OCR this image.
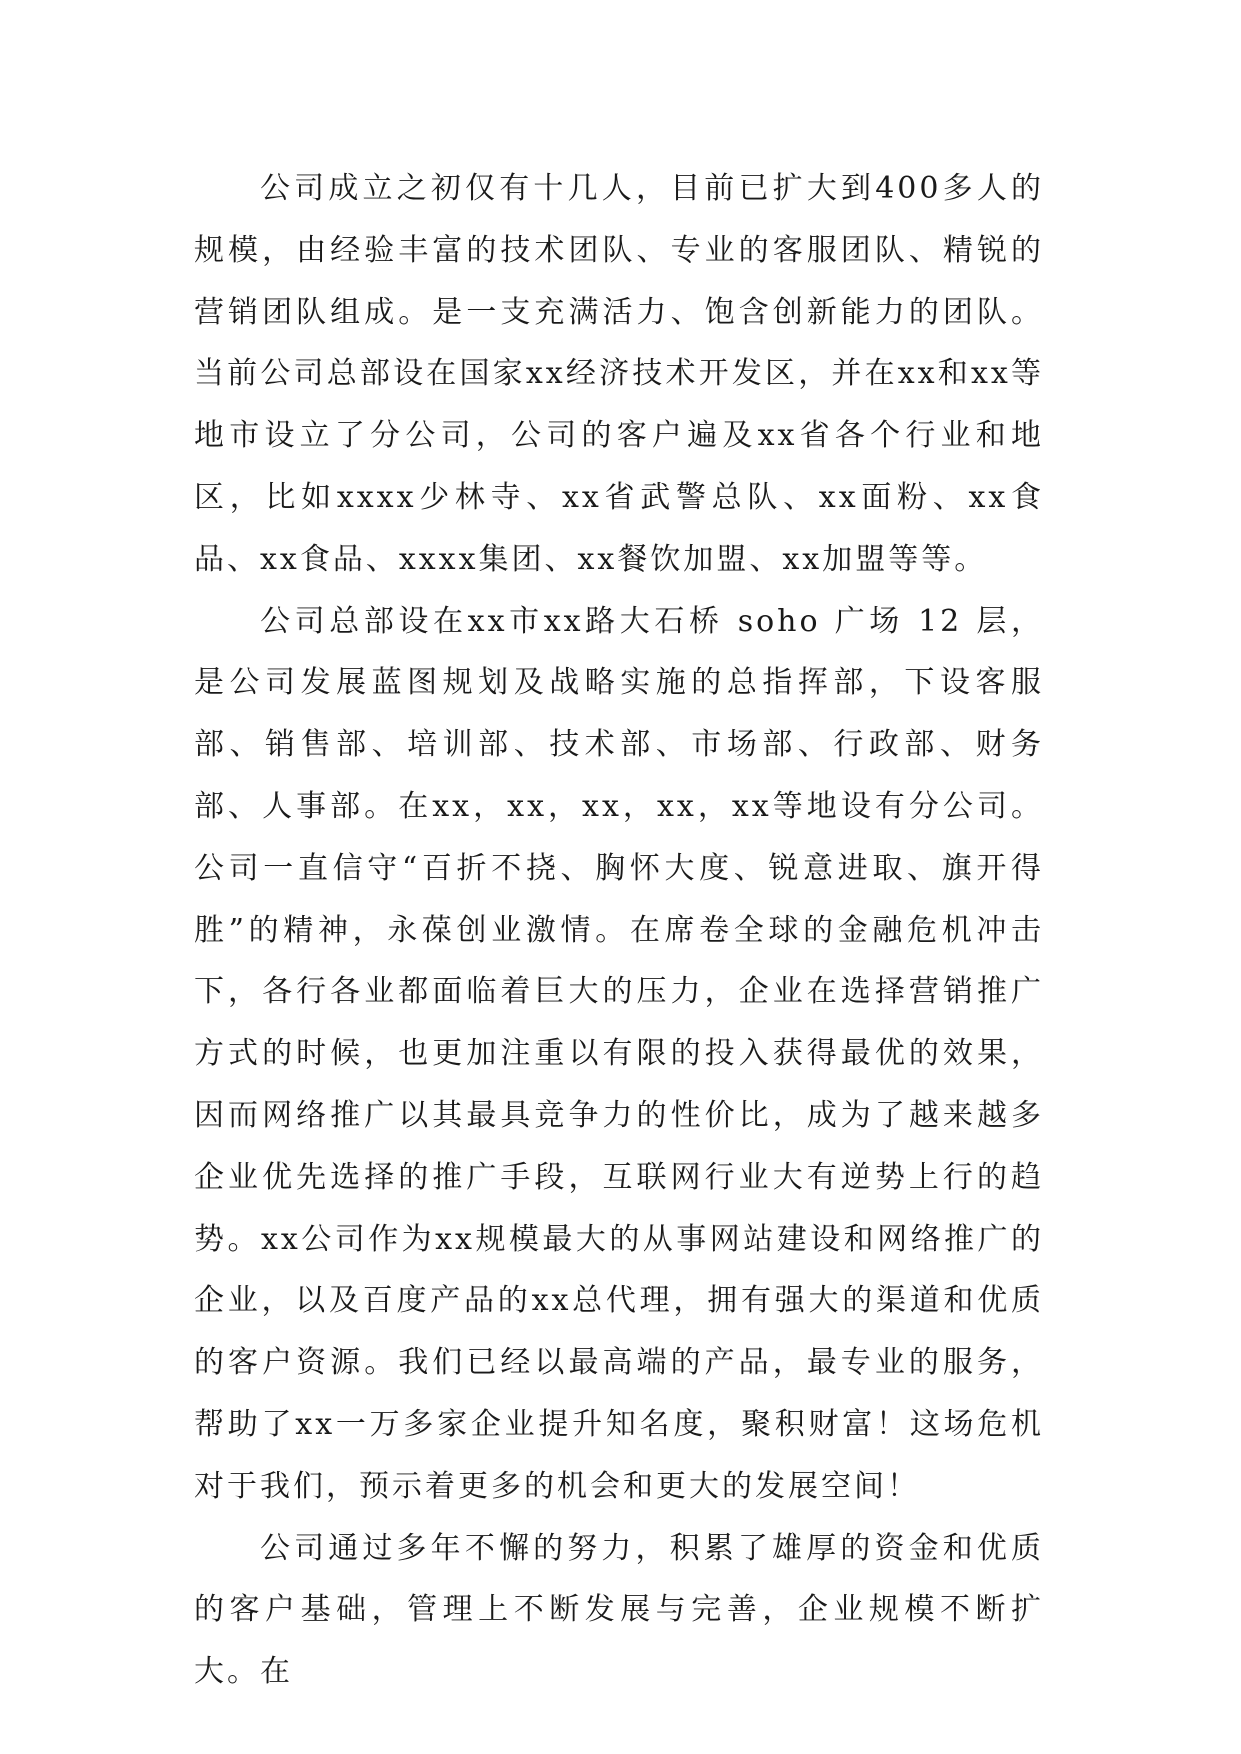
公司成立之初仅有十几人，目前已扩大到400多人的规模，由经验丰富的技术团队、专业的客服团队、精锐的营销团队组成。是一支充满活力、饱含创新能力的团队。当前公司总部设在国家xx经济技术开发区，并在xx和xx等地市设立了分公司，公司的客户遍及xx省各个行业和地区，比如xxxx少林寺、xx省武警总队、xx面粉、xx食品、xx食品、xxxx集团、xx餐饮加盟、xx加盟等等。

公司总部设在xx市xx路大石桥 soho 广场 12 层，是公司发展蓝图规划及战略实施的总指挥部，下设客服部、销售部、培训部、技术部、市场部、行政部、财务部、人事部。在xx，xx，xx，xx，xx等地设有分公司。公司一直信守“百折不挠、胸怀大度、锐意进取、旗开得胜”的精神，永葆创业激情。在席卷全球的金融危机冲击下，各行各业都面临着巨大的压力，企业在选择营销推广方式的时候，也更加注重以有限的投入获得最优的效果，因而网络推广以其最具竞争力的性价比，成为了越来越多企业优先选择的推广手段，互联网行业大有逆势上行的趋势。xx公司作为xx规模最大的从事网站建设和网络推广的企业，以及百度产品的xx总代理，拥有强大的渠道和优质的客户资源。我们已经以最高端的产品，最专业的服务，帮助了xx一万多家企业提升知名度，聚积财富！这场危机对于我们，预示着更多的机会和更大的发展空间！

公司通过多年不懈的努力，积累了雄厚的资金和优质的客户基础，管理上不断发展与完善，企业规模不断扩大。在
